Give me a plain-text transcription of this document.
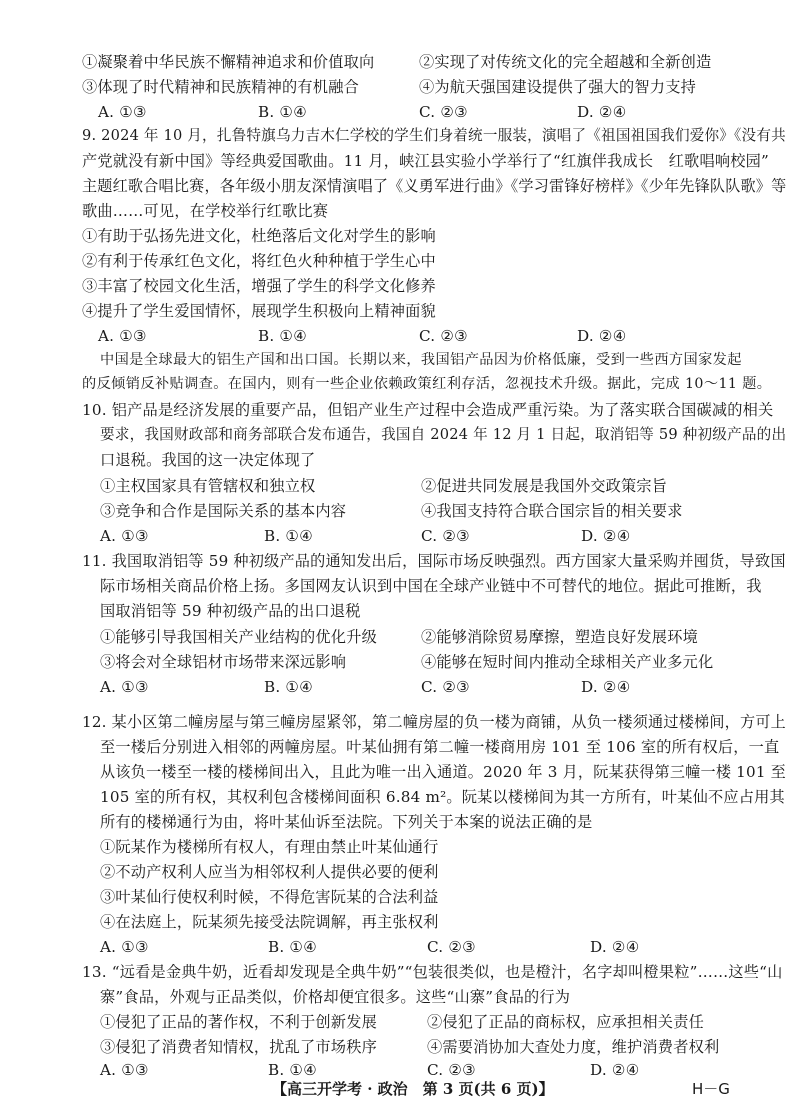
①凝聚着中华民族不懈精神追求和价值取向	②实现了对传统文化的完全超越和全新创造
③体现了时代精神和民族精神的有机融合	④为航天强国建设提供了强大的智力支持
A. ①③	B. ①④	C. ②③	D. ②④
9. 2024 年 10 月，扎鲁特旗乌力吉木仁学校的学生们身着统一服装，演唱了《祖国祖国我们爱你》《没有共
产党就没有新中国》等经典爱国歌曲。11 月，峡江县实验小学举行了“红旗伴我成长　红歌唱响校园”
主题红歌合唱比赛，各年级小朋友深情演唱了《义勇军进行曲》《学习雷锋好榜样》《少年先锋队队歌》等
歌曲……可见，在学校举行红歌比赛
①有助于弘扬先进文化，杜绝落后文化对学生的影响
②有利于传承红色文化，将红色火种种植于学生心中
③丰富了校园文化生活，增强了学生的科学文化修养
④提升了学生爱国情怀，展现学生积极向上精神面貌
A. ①③	B. ①④	C. ②③	D. ②④
中国是全球最大的铝生产国和出口国。长期以来，我国铝产品因为价格低廉，受到一些西方国家发起
的反倾销反补贴调查。在国内，则有一些企业依赖政策红利存活，忽视技术升级。据此，完成 10～11 题。
10. 铝产品是经济发展的重要产品，但铝产业生产过程中会造成严重污染。为了落实联合国碳减的相关
要求，我国财政部和商务部联合发布通告，我国自 2024 年 12 月 1 日起，取消铝等 59 种初级产品的出
口退税。我国的这一决定体现了
①主权国家具有管辖权和独立权	②促进共同发展是我国外交政策宗旨
③竞争和合作是国际关系的基本内容	④我国支持符合联合国宗旨的相关要求
A. ①③	B. ①④	C. ②③	D. ②④
11. 我国取消铝等 59 种初级产品的通知发出后，国际市场反映强烈。西方国家大量采购并囤货，导致国
际市场相关商品价格上扬。多国网友认识到中国在全球产业链中不可替代的地位。据此可推断，我
国取消铝等 59 种初级产品的出口退税
①能够引导我国相关产业结构的优化升级	②能够消除贸易摩擦，塑造良好发展环境
③将会对全球铝材市场带来深远影响	④能够在短时间内推动全球相关产业多元化
A. ①③	B. ①④	C. ②③	D. ②④
12. 某小区第二幢房屋与第三幢房屋紧邻，第二幢房屋的负一楼为商铺，从负一楼须通过楼梯间，方可上
至一楼后分别进入相邻的两幢房屋。叶某仙拥有第二幢一楼商用房 101 至 106 室的所有权后，一直
从该负一楼至一楼的楼梯间出入，且此为唯一出入通道。2020 年 3 月，阮某获得第三幢一楼 101 至
105 室的所有权，其权利包含楼梯间面积 6.84 m²。阮某以楼梯间为其一方所有，叶某仙不应占用其
所有的楼梯通行为由，将叶某仙诉至法院。下列关于本案的说法正确的是
①阮某作为楼梯所有权人，有理由禁止叶某仙通行
②不动产权利人应当为相邻权利人提供必要的便利
③叶某仙行使权利时候，不得危害阮某的合法利益
④在法庭上，阮某须先接受法院调解，再主张权利
A. ①③	B. ①④	C. ②③	D. ②④
13. “远看是金典牛奶，近看却发现是全典牛奶”“包装很类似，也是橙汁，名字却叫橙果粒”……这些“山
寨”食品，外观与正品类似，价格却便宜很多。这些“山寨”食品的行为
①侵犯了正品的著作权，不利于创新发展	②侵犯了正品的商标权，应承担相关责任
③侵犯了消费者知情权，扰乱了市场秩序	④需要消协加大查处力度，维护消费者权利
A. ①③	B. ①④	C. ②③	D. ②④
【高三开学考 · 政治　第 3 页(共 6 页)】	H－G
